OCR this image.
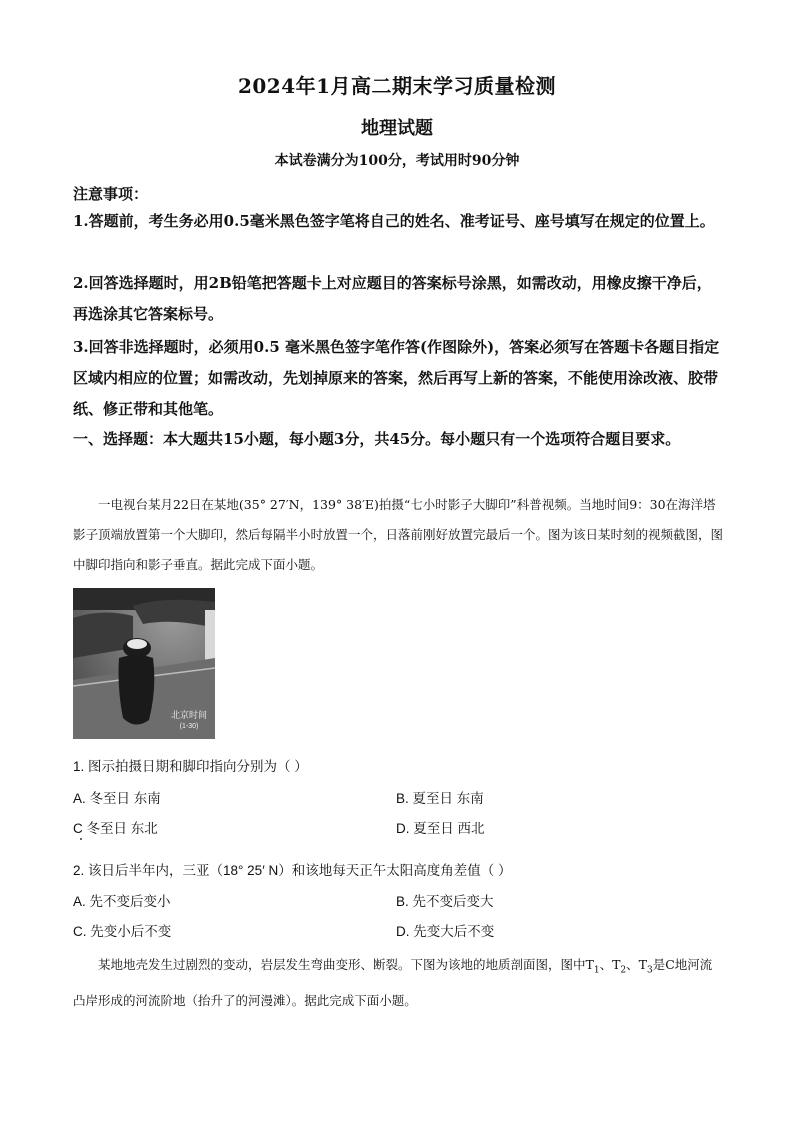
2024年1月高二期末学习质量检测
地理试题
本试卷满分为100分，考试用时90分钟
注意事项：
1.答题前，考生务必用0.5毫米黑色签字笔将自己的姓名、准考证号、座号填写在规定的位置上。
2.回答选择题时，用2B铅笔把答题卡上对应题目的答案标号涂黑，如需改动，用橡皮擦干净后，再选涂其它答案标号。
3.回答非选择题时，必须用0.5 毫米黑色签字笔作答(作图除外)，答案必须写在答题卡各题目指定区域内相应的位置；如需改动，先划掉原来的答案，然后再写上新的答案，不能使用涂改液、胶带纸、修正带和其他笔。
一、选择题：本大题共15小题，每小题3分，共45分。每小题只有一个选项符合题目要求。
一电视台某月22日在某地(35° 27′N，139° 38′E)拍摄“七小时影子大脚印”科普视频。当地时间9：30在海洋塔影子顶端放置第一个大脚印，然后每隔半小时放置一个，日落前刚好放置完最后一个。图为该日某时刻的视频截图，图中脚印指向和影子垂直。据此完成下面小题。
北京时间
(1-30)
1. 图示拍摄日期和脚印指向分别为（ ）
A. 冬至日 东南	B. 夏至日 东南
C 冬至日 东北	D. 夏至日 西北
2. 该日后半年内，三亚（18° 25′ N）和该地每天正午太阳高度角差值（ ）
A. 先不变后变小	B. 先不变后变大
C. 先变小后不变	D. 先变大后不变
某地地壳发生过剧烈的变动，岩层发生弯曲变形、断裂。下图为该地的地质剖面图，图中$T_1$、$T_2$、$T_3$是C地河流凸岸形成的河流阶地（抬升了的河漫滩）。据此完成下面小题。
